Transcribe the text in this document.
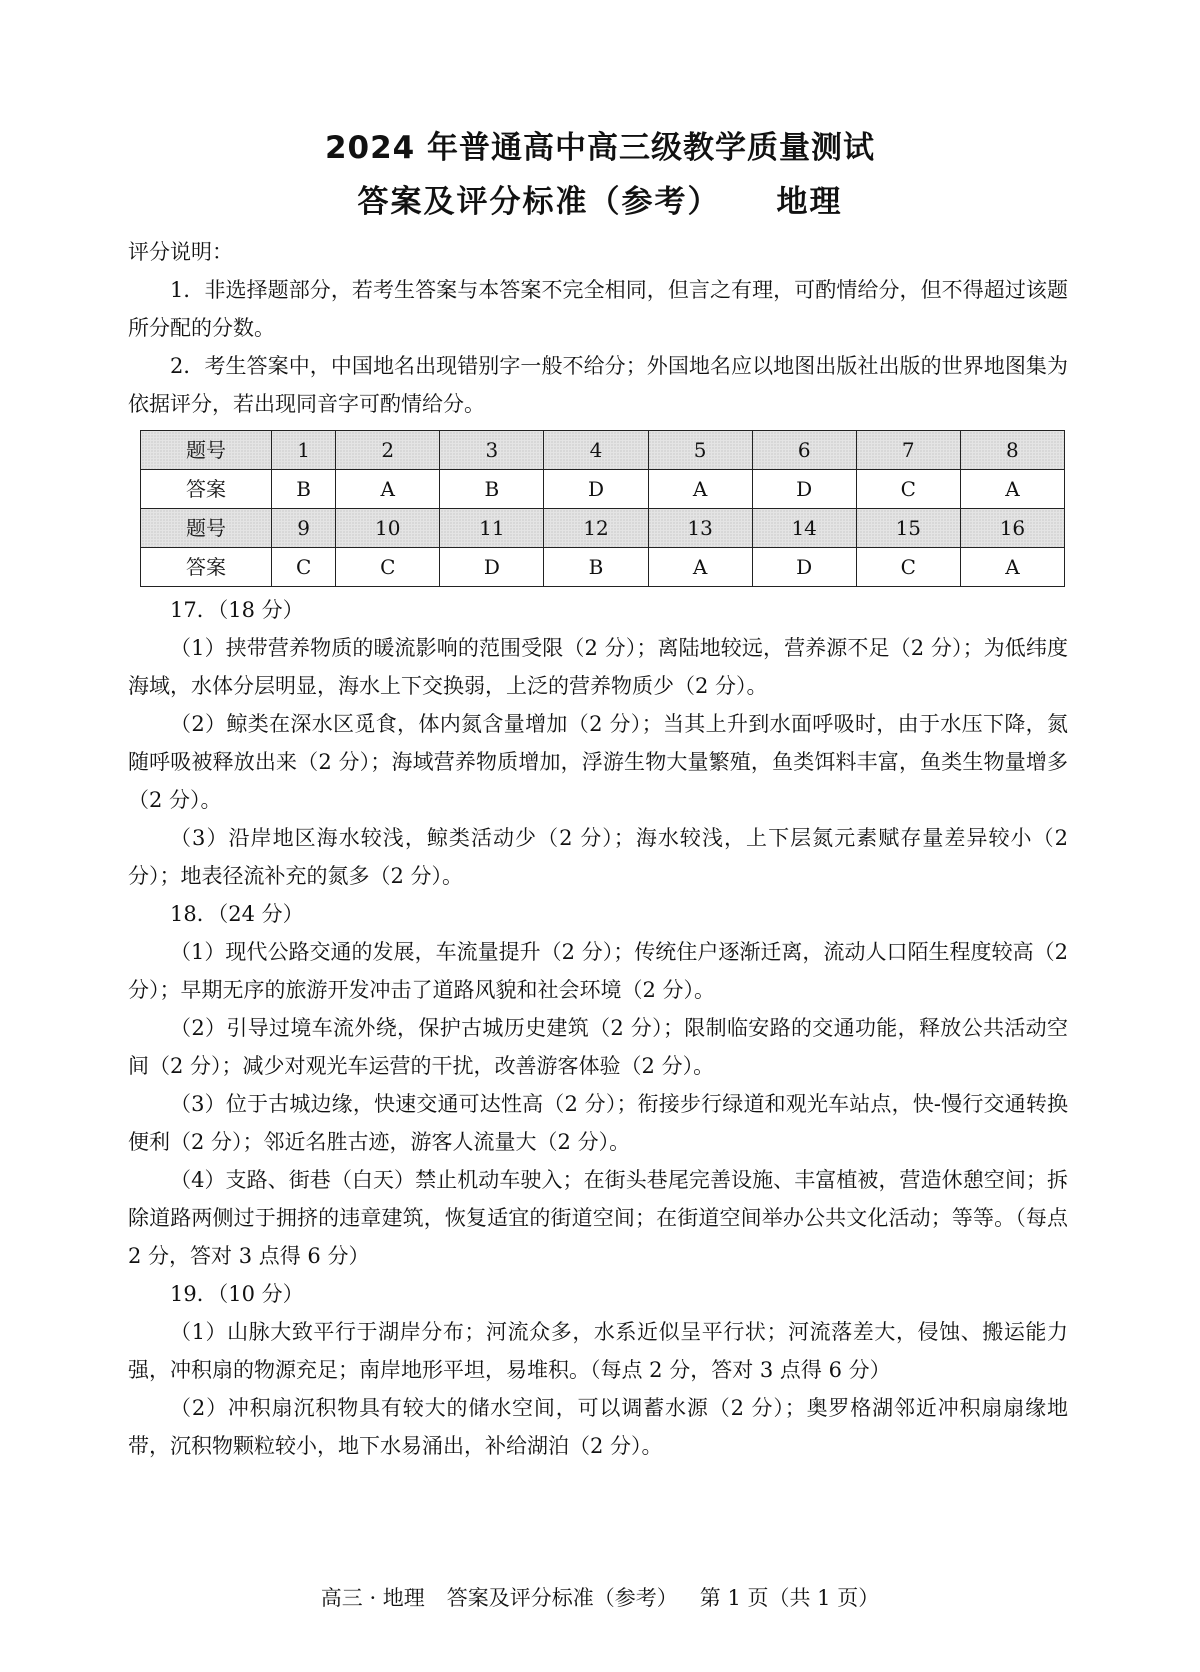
2024 年普通高中高三级教学质量测试
答案及评分标准（参考） 地理

评分说明：

1．非选择题部分，若考生答案与本答案不完全相同，但言之有理，可酌情给分，但不得超过该题所分配的分数。

2．考生答案中，中国地名出现错别字一般不给分；外国地名应以地图出版社出版的世界地图集为依据评分，若出现同音字可酌情给分。

题号	1	2	3	4	5	6	7	8
答案	B	A	B	D	A	D	C	A
题号	9	10	11	12	13	14	15	16
答案	C	C	D	B	A	D	C	A

17．（18 分）

（1）挟带营养物质的暖流影响的范围受限（2 分）；离陆地较远，营养源不足（2 分）；为低纬度海域，水体分层明显，海水上下交换弱，上泛的营养物质少（2 分）。

（2）鲸类在深水区觅食，体内氮含量增加（2 分）；当其上升到水面呼吸时，由于水压下降，氮随呼吸被释放出来（2 分）；海域营养物质增加，浮游生物大量繁殖，鱼类饵料丰富，鱼类生物量增多（2 分）。

（3）沿岸地区海水较浅，鲸类活动少（2 分）；海水较浅，上下层氮元素赋存量差异较小（2 分）；地表径流补充的氮多（2 分）。

18．（24 分）

（1）现代公路交通的发展，车流量提升（2 分）；传统住户逐渐迁离，流动人口陌生程度较高（2 分）；早期无序的旅游开发冲击了道路风貌和社会环境（2 分）。

（2）引导过境车流外绕，保护古城历史建筑（2 分）；限制临安路的交通功能，释放公共活动空间（2 分）；减少对观光车运营的干扰，改善游客体验（2 分）。

（3）位于古城边缘，快速交通可达性高（2 分）；衔接步行绿道和观光车站点，快-慢行交通转换便利（2 分）；邻近名胜古迹，游客人流量大（2 分）。

（4）支路、街巷（白天）禁止机动车驶入；在街头巷尾完善设施、丰富植被，营造休憩空间；拆除道路两侧过于拥挤的违章建筑，恢复适宜的街道空间；在街道空间举办公共文化活动；等等。（每点 2 分，答对 3 点得 6 分）

19．（10 分）

（1）山脉大致平行于湖岸分布；河流众多，水系近似呈平行状；河流落差大，侵蚀、搬运能力强，冲积扇的物源充足；南岸地形平坦，易堆积。（每点 2 分，答对 3 点得 6 分）

（2）冲积扇沉积物具有较大的储水空间，可以调蓄水源（2 分）；奥罗格湖邻近冲积扇扇缘地带，沉积物颗粒较小，地下水易涌出，补给湖泊（2 分）。

高三 · 地理 答案及评分标准（参考） 第 1 页（共 1 页）
